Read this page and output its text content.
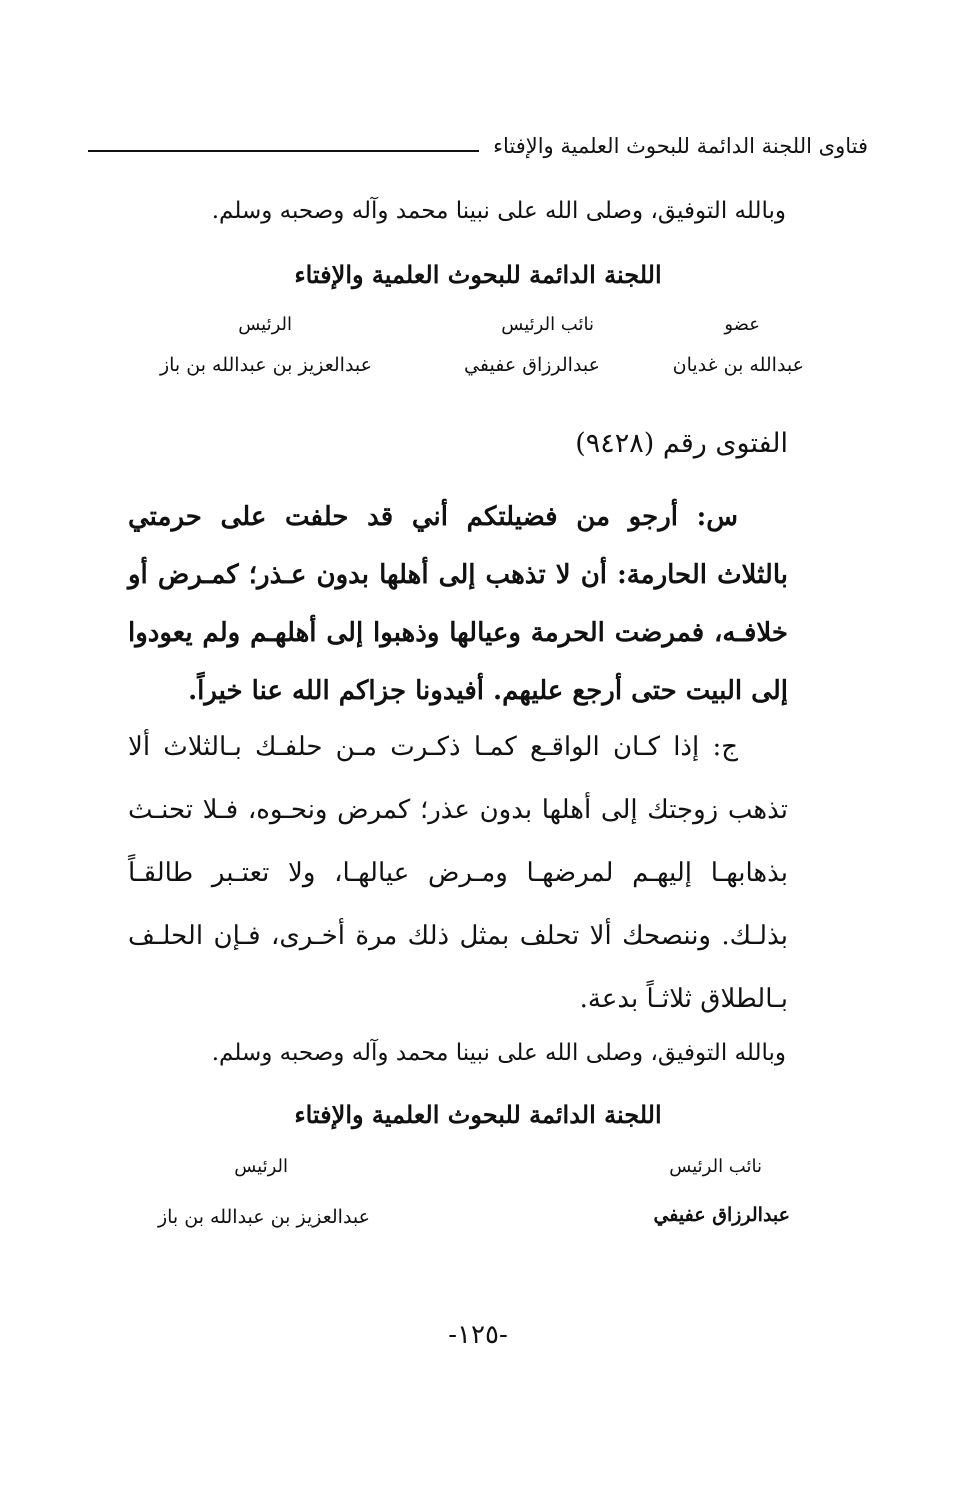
فتاوى اللجنة الدائمة للبحوث العلمية والإفتاء
وبالله التوفيق، وصلى الله على نبينا محمد وآله وصحبه وسلم.
اللجنة الدائمة للبحوث العلمية والإفتاء
عضو
نائب الرئيس
الرئيس
عبدالله بن غديان
عبدالرزاق عفيفي
عبدالعزيز بن عبدالله بن باز
الفتوى رقم (٩٤٢٨)

س: أرجو من فضيلتكم أني قد حلفت على حرمتي بالثلاث الحارمة: أن لا تذهب إلى أهلها بدون عـذر؛ كمـرض أو خلافـه، فمرضت الحرمة وعيالها وذهبوا إلى أهلهـم ولم يعودوا إلى البيت حتى أرجع عليهم. أفيدونا جزاكم الله عنا خيراً.

ج: إذا كـان الواقـع كمـا ذكـرت مـن حلفـك بـالثلاث ألا تذهب زوجتك إلى أهلها بدون عذر؛ كمرض ونحـوه، فـلا تحنـث بذهابهـا إليهـم لمرضهـا ومـرض عيالهـا، ولا تعتـبر طالقـاً بذلـك. وننصحك ألا تحلف بمثل ذلك مرة أخـرى، فـإن الحلـف بـالطلاق ثلاثـاً بدعة.

وبالله التوفيق، وصلى الله على نبينا محمد وآله وصحبه وسلم.
اللجنة الدائمة للبحوث العلمية والإفتاء
نائب الرئيس
الرئيس
عبدالرزاق عفيفي
عبدالعزيز بن عبدالله بن باز
-١٢٥-
